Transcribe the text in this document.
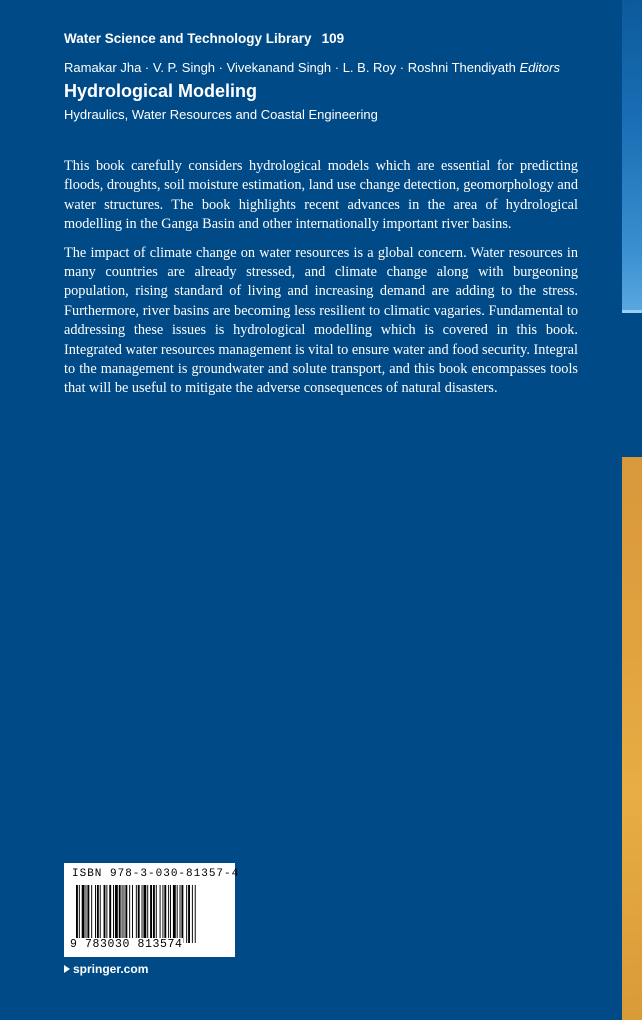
Water Science and Technology Library 109
Ramakar Jha · V. P. Singh · Vivekanand Singh · L. B. Roy · Roshni Thendiyath Editors
Hydrological Modeling
Hydraulics, Water Resources and Coastal Engineering

This book carefully considers hydrological models which are essential for predicting floods, droughts, soil moisture estimation, land use change detection, geomorphology and water structures. The book highlights recent advances in the area of hydrological modelling in the Ganga Basin and other internationally important river basins.

The impact of climate change on water resources is a global concern. Water resources in many countries are already stressed, and climate change along with burgeoning population, rising standard of living and increasing demand are adding to the stress. Furthermore, river basins are becoming less resilient to climatic vagaries. Fundamental to addressing these issues is hydrological modelling which is covered in this book. Integrated water resources management is vital to ensure water and food security. Integral to the management is groundwater and solute transport, and this book encompasses tools that will be useful to mitigate the adverse consequences of natural disasters.

ISBN 978-3-030-81357-4
9 783030 813574
springer.com
